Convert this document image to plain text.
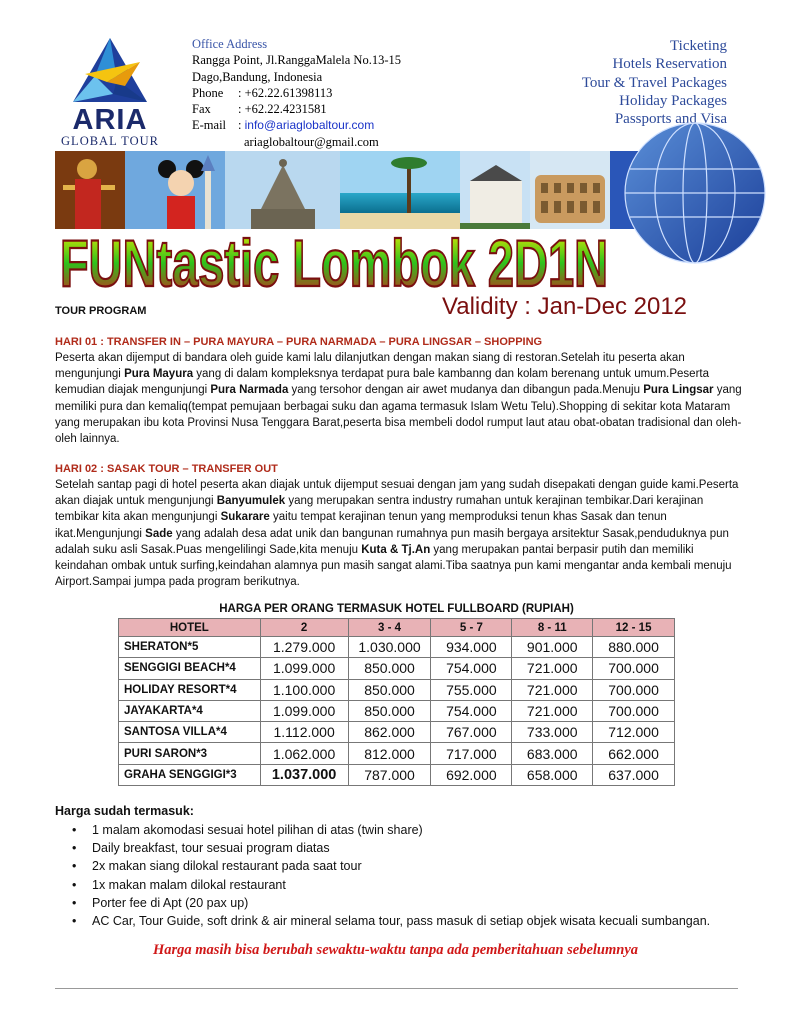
ARIA
GLOBAL TOUR
Office Address
Rangga Point, Jl.RanggaMalela No.13-15
Dago,Bandung, Indonesia
Phone	: +62.22.61398113
Fax	: +62.22.4231581
E-mail : info@ariaglobaltour.com
ariaglobaltour@gmail.com
Ticketing
Hotels Reservation
Tour & Travel Packages
Holiday Packages
Passports and Visa
FUNtastic Lombok 2D1N
Validity : Jan-Dec 2012
TOUR PROGRAM
HARI 01 : TRANSFER IN – PURA MAYURA – PURA NARMADA – PURA LINGSAR – SHOPPING
Peserta akan dijemput di bandara oleh guide kami lalu dilanjutkan dengan makan siang di restoran.Setelah itu peserta akan mengunjungi Pura Mayura yang di dalam kompleksnya terdapat pura bale kambanng dan kolam berenang untuk umum.Peserta kemudian diajak mengunjungi Pura Narmada yang tersohor dengan air awet mudanya dan dibangun pada.Menuju Pura Lingsar yang memiliki pura dan kemaliq(tempat pemujaan berbagai suku dan agama termasuk Islam Wetu Telu).Shopping di sekitar kota Mataram yang merupakan ibu kota Provinsi Nusa Tenggara Barat,peserta bisa membeli dodol rumput laut atau obat-obatan tradisional dan oleh-oleh lainnya.
HARI 02 : SASAK TOUR – TRANSFER OUT
Setelah santap pagi di hotel peserta akan diajak untuk dijemput sesuai dengan jam yang sudah disepakati dengan guide kami.Peserta akan diajak untuk mengunjungi Banyumulek yang merupakan sentra industry rumahan untuk kerajinan tembikar.Dari kerajinan tembikar kita akan mengunjungi Sukarare yaitu tempat kerajinan tenun yang memproduksi tenun khas Sasak dan tenun ikat.Mengunjungi Sade yang adalah desa adat unik dan bangunan rumahnya pun masih bergaya arsitektur Sasak,penduduknya pun adalah suku asli Sasak.Puas mengelilingi Sade,kita menuju Kuta & Tj.An yang merupakan pantai berpasir putih dan memiliki keindahan ombak untuk surfing,keindahan alamnya pun masih sangat alami.Tiba saatnya pun kami mengantar anda kembali menuju Airport.Sampai jumpa pada program berikutnya.
HARGA PER ORANG TERMASUK HOTEL FULLBOARD (RUPIAH)
HOTEL	2	3 - 4	5 - 7	8 - 11	12 - 15
SHERATON*5	1.279.000	1.030.000	934.000	901.000	880.000
SENGGIGI BEACH*4	1.099.000	850.000	754.000	721.000	700.000
HOLIDAY RESORT*4	1.100.000	850.000	755.000	721.000	700.000
JAYAKARTA*4	1.099.000	850.000	754.000	721.000	700.000
SANTOSA VILLA*4	1.112.000	862.000	767.000	733.000	712.000
PURI SARON*3	1.062.000	812.000	717.000	683.000	662.000
GRAHA SENGGIGI*3	1.037.000	787.000	692.000	658.000	637.000
Harga sudah termasuk:
• 1 malam akomodasi sesuai hotel pilihan di atas (twin share)
• Daily breakfast, tour sesuai program diatas
• 2x makan siang dilokal restaurant pada saat tour
• 1x makan malam dilokal restaurant
• Porter fee di Apt (20 pax up)
• AC Car, Tour Guide, soft drink & air mineral selama tour, pass masuk di setiap objek wisata kecuali sumbangan.
Harga masih bisa berubah sewaktu-waktu tanpa ada pemberitahuan sebelumnya
